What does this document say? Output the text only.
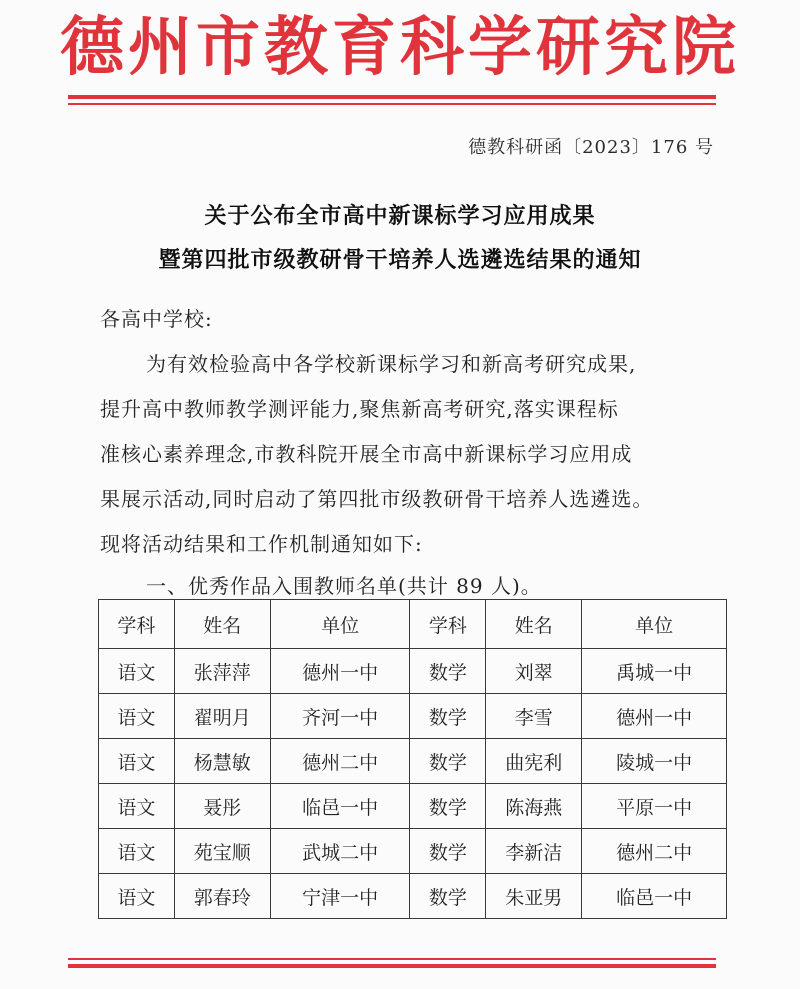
德州市教育科学研究院
德教科研函〔2023〕176 号
关于公布全市高中新课标学习应用成果
暨第四批市级教研骨干培养人选遴选结果的通知
各高中学校:
为有效检验高中各学校新课标学习和新高考研究成果,
提升高中教师教学测评能力,聚焦新高考研究,落实课程标
准核心素养理念,市教科院开展全市高中新课标学习应用成
果展示活动,同时启动了第四批市级教研骨干培养人选遴选。
现将活动结果和工作机制通知如下:
一、优秀作品入围教师名单(共计 89 人)。
学科	姓名	单位	学科	姓名	单位
语文	张萍萍	德州一中	数学	刘翠	禹城一中
语文	翟明月	齐河一中	数学	李雪	德州一中
语文	杨慧敏	德州二中	数学	曲宪利	陵城一中
语文	聂彤	临邑一中	数学	陈海燕	平原一中
语文	苑宝顺	武城二中	数学	李新洁	德州二中
语文	郭春玲	宁津一中	数学	朱亚男	临邑一中
